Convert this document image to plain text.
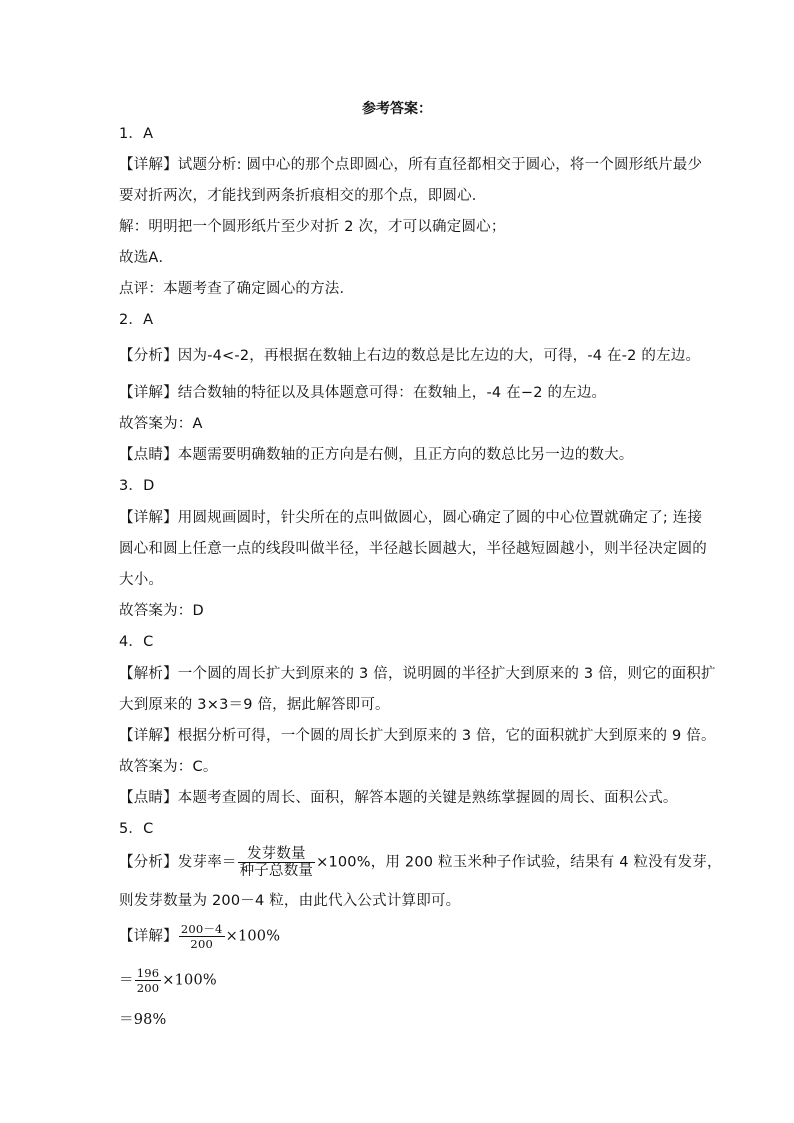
参考答案：
1．A
【详解】试题分析: 圆中心的那个点即圆心，所有直径都相交于圆心，将一个圆形纸片最少
要对折两次，才能找到两条折痕相交的那个点，即圆心．
解：明明把一个圆形纸片至少对折 2 次，才可以确定圆心；
故选A．
点评：本题考查了确定圆心的方法．
2．A
【分析】因为-4<-2，再根据在数轴上右边的数总是比左边的大，可得，-4 在-2 的左边。
【详解】结合数轴的特征以及具体题意可得：在数轴上，-4 在−2 的左边。
故答案为：A
【点睛】本题需要明确数轴的正方向是右侧，且正方向的数总比另一边的数大。
3．D
【详解】用圆规画圆时，针尖所在的点叫做圆心，圆心确定了圆的中心位置就确定了; 连接
圆心和圆上任意一点的线段叫做半径，半径越长圆越大，半径越短圆越小，则半径决定圆的
大小。
故答案为：D
4．C
【解析】一个圆的周长扩大到原来的 3 倍，说明圆的半径扩大到原来的 3 倍，则它的面积扩
大到原来的 3×3＝9 倍，据此解答即可。
【详解】根据分析可得，一个圆的周长扩大到原来的 3 倍，它的面积就扩大到原来的 9 倍。
故答案为：C。
【点睛】本题考查圆的周长、面积，解答本题的关键是熟练掌握圆的周长、面积公式。
5．C
【分析】发芽率＝ $\frac{\text{发芽数量}}{\text{种子总数量}} \times 100\%$，用 200 粒玉米种子作试验，结果有 4 粒没有发芽，
则发芽数量为 200－4 粒，由此代入公式计算即可。
【详解】 $\frac{200-4}{200} \times 100\%$
＝ $\frac{196}{200} \times 100\%$
＝98%
